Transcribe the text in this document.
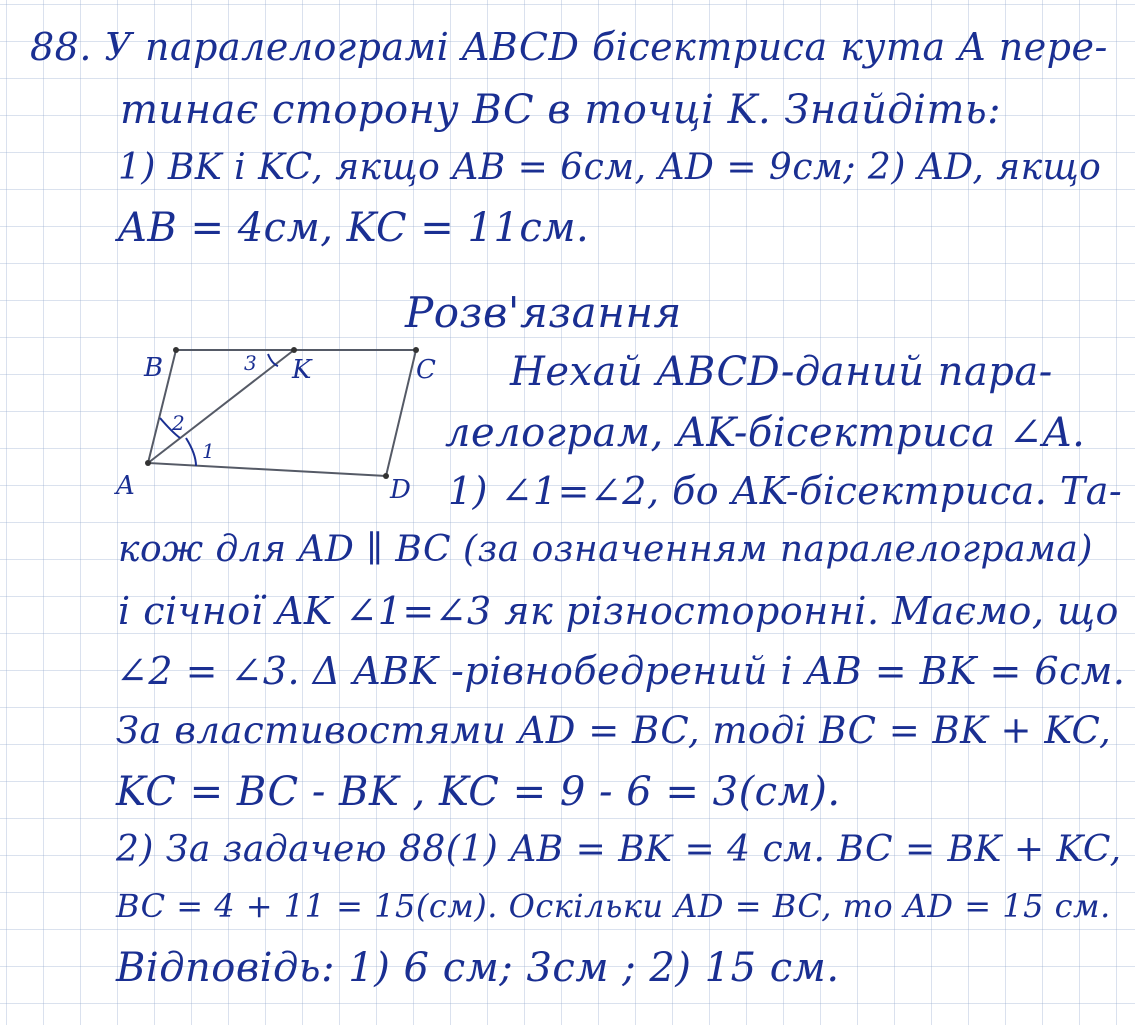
88. У паралелограмі ABCD бісектриса кута A пере-
тинає сторону BC в точці K. Знайдіть:
1) BK і KC, якщо AB = 6см, AD = 9см; 2) AD, якщо
AB = 4см, KC = 11см.
Розв'язання
B	K	C
A	D
1
2
3	Нехай ABCD-даний пара-
лелограм, AK-бісектриса ∠A.
1) ∠1=∠2, бо AK-бісектриса. Та-
кож для AD ∥ BC (за означенням паралелограма)
і січної AK ∠1=∠3 як різносторонні. Маємо, що
∠2 = ∠3. Δ ABK -рівнобедрений і AB = BK = 6см.
За властивостями AD = BC, тоді BC = BK + KC,
KC = BC - BK , KC = 9 - 6 = 3(см).
2) За задачею 88(1) AB = BK = 4 см. BC = BK + KC,
BC = 4 + 11 = 15(см). Оскільки AD = BC, то AD = 15 см.
Відповідь: 1) 6 см; 3см ; 2) 15 см.
